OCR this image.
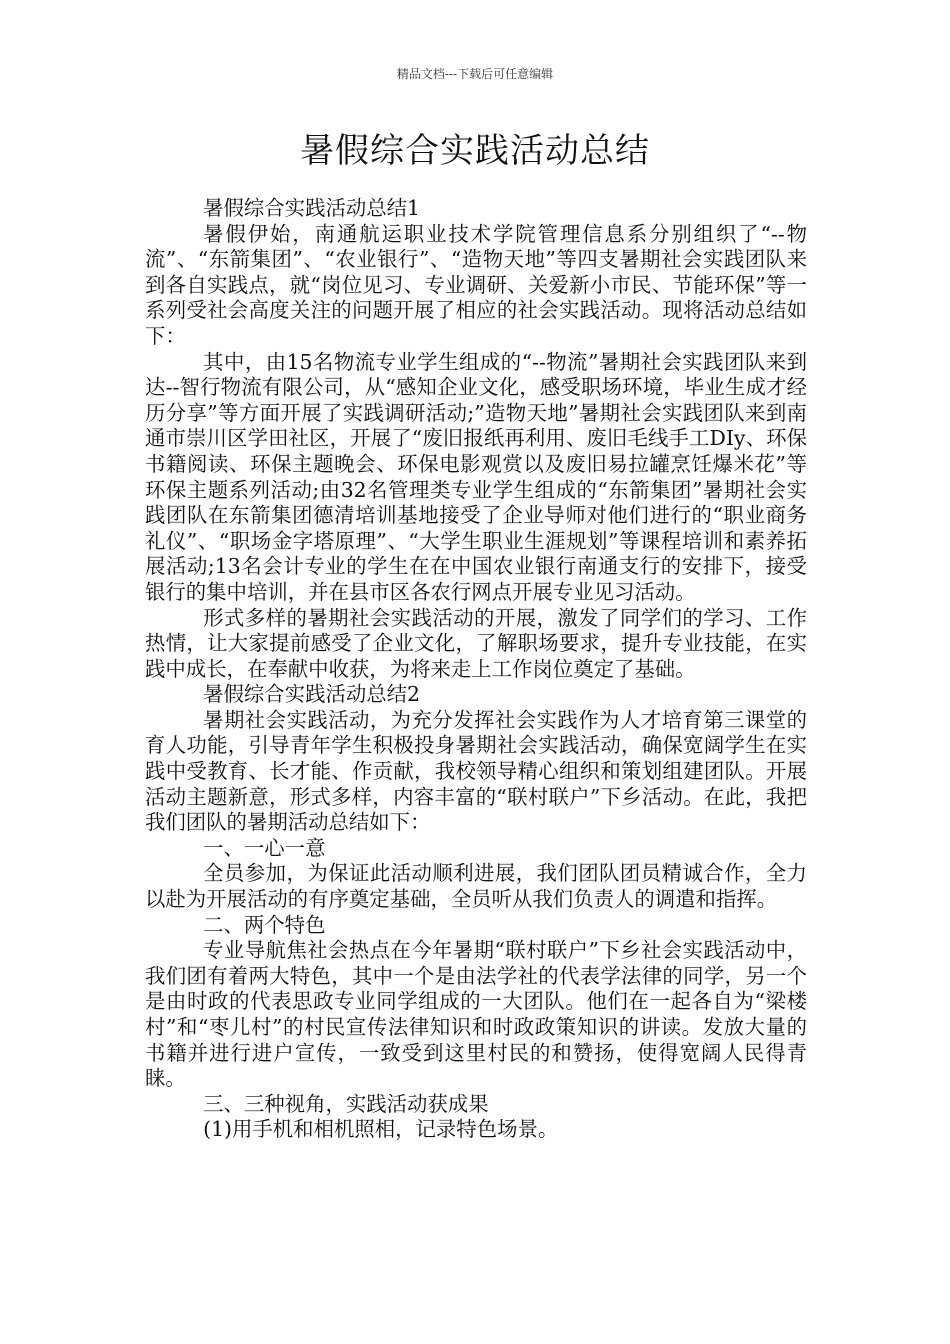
精品文档---下载后可任意编辑
暑假综合实践活动总结

暑假综合实践活动总结1

暑假伊始，南通航运职业技术学院管理信息系分别组织了“--物流”、“东箭集团”、“农业银行”、“造物天地”等四支暑期社会实践团队来到各自实践点，就“岗位见习、专业调研、关爱新小市民、节能环保”等一系列受社会高度关注的问题开展了相应的社会实践活动。现将活动总结如下：

其中，由15名物流专业学生组成的“--物流”暑期社会实践团队来到达--智行物流有限公司，从“感知企业文化，感受职场环境，毕业生成才经历分享”等方面开展了实践调研活动;”造物天地”暑期社会实践团队来到南通市崇川区学田社区，开展了“废旧报纸再利用、废旧毛线手工DIy、环保书籍阅读、环保主题晚会、环保电影观赏以及废旧易拉罐烹饪爆米花”等环保主题系列活动;由32名管理类专业学生组成的“东箭集团”暑期社会实践团队在东箭集团德清培训基地接受了企业导师对他们进行的“职业商务礼仪”、“职场金字塔原理”、“大学生职业生涯规划”等课程培训和素养拓展活动;13名会计专业的学生在在中国农业银行南通支行的安排下，接受银行的集中培训，并在县市区各农行网点开展专业见习活动。

形式多样的暑期社会实践活动的开展，激发了同学们的学习、工作热情，让大家提前感受了企业文化，了解职场要求，提升专业技能，在实践中成长，在奉献中收获，为将来走上工作岗位奠定了基础。

暑假综合实践活动总结2

暑期社会实践活动，为充分发挥社会实践作为人才培育第三课堂的育人功能，引导青年学生积极投身暑期社会实践活动，确保宽阔学生在实践中受教育、长才能、作贡献，我校领导精心组织和策划组建团队。开展活动主题新意，形式多样，内容丰富的“联村联户”下乡活动。在此，我把我们团队的暑期活动总结如下：

一、一心一意

全员参加，为保证此活动顺利进展，我们团队团员精诚合作，全力以赴为开展活动的有序奠定基础，全员听从我们负责人的调遣和指挥。

二、两个特色

专业导航焦社会热点在今年暑期“联村联户”下乡社会实践活动中，我们团有着两大特色，其中一个是由法学社的代表学法律的同学，另一个是由时政的代表思政专业同学组成的一大团队。他们在一起各自为“梁楼村”和“枣儿村”的村民宣传法律知识和时政政策知识的讲读。发放大量的书籍并进行进户宣传，一致受到这里村民的和赞扬，使得宽阔人民得青睐。

三、三种视角，实践活动获成果

(1)用手机和相机照相，记录特色场景。
